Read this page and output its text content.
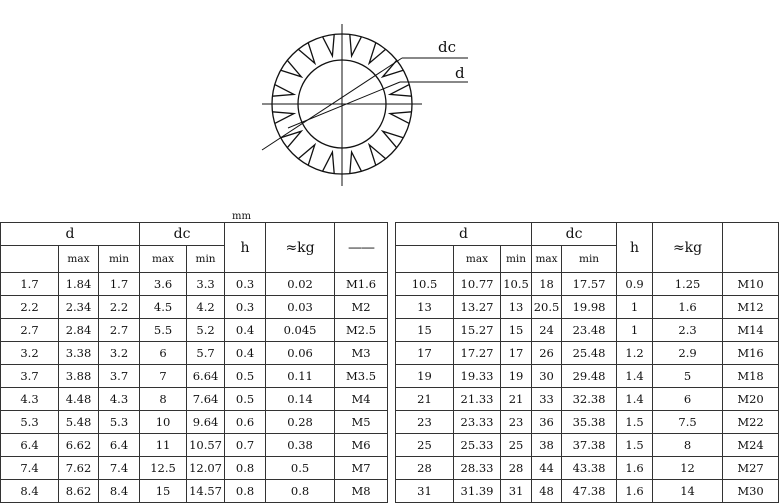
dc
d
mm
d			dc		h	≈kg	——
	max	min	max	min			
1.7	1.84	1.7	3.6	3.3	0.3	0.02	M1.6
2.2	2.34	2.2	4.5	4.2	0.3	0.03	M2
2.7	2.84	2.7	5.5	5.2	0.4	0.045	M2.5
3.2	3.38	3.2	6	5.7	0.4	0.06	M3
3.7	3.88	3.7	7	6.64	0.5	0.11	M3.5
4.3	4.48	4.3	8	7.64	0.5	0.14	M4
5.3	5.48	5.3	10	9.64	0.6	0.28	M5
6.4	6.62	6.4	11	10.57	0.7	0.38	M6
7.4	7.62	7.4	12.5	12.07	0.8	0.5	M7
8.4	8.62	8.4	15	14.57	0.8	0.8	M8
d			dc		h	≈kg	
	max	min	max	min			
10.5	10.77	10.5	18	17.57	0.9	1.25	M10
13	13.27	13	20.5	19.98	1	1.6	M12
15	15.27	15	24	23.48	1	2.3	M14
17	17.27	17	26	25.48	1.2	2.9	M16
19	19.33	19	30	29.48	1.4	5	M18
21	21.33	21	33	32.38	1.4	6	M20
23	23.33	23	36	35.38	1.5	7.5	M22
25	25.33	25	38	37.38	1.5	8	M24
28	28.33	28	44	43.38	1.6	12	M27
31	31.39	31	48	47.38	1.6	14	M30
